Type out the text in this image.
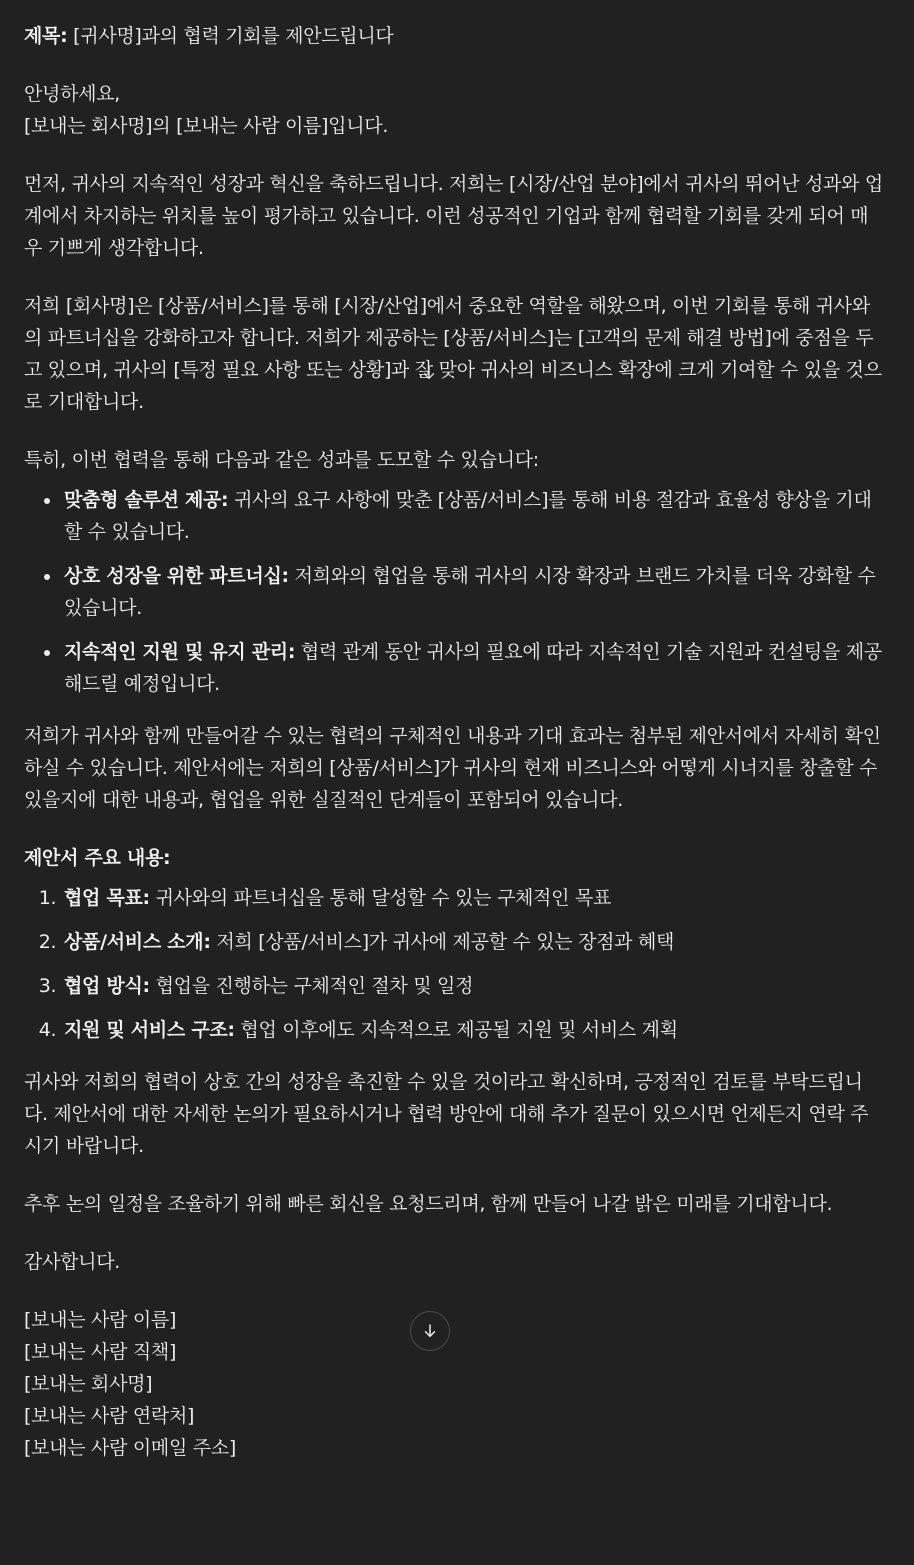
제목: [귀사명]과의 협력 기회를 제안드립니다

안녕하세요,
[보내는 회사명]의 [보내는 사람 이름]입니다.

먼저, 귀사의 지속적인 성장과 혁신을 축하드립니다. 저희는 [시장/산업 분야]에서 귀사의 뛰어난 성과와 업계에서 차지하는 위치를 높이 평가하고 있습니다. 이런 성공적인 기업과 함께 협력할 기회를 갖게 되어 매우 기쁘게 생각합니다.

저희 [회사명]은 [상품/서비스]를 통해 [시장/산업]에서 중요한 역할을 해왔으며, 이번 기회를 통해 귀사와의 파트너십을 강화하고자 합니다. 저희가 제공하는 [상품/서비스]는 [고객의 문제 해결 방법]에 중점을 두고 있으며, 귀사의 [특정 필요 사항 또는 상황]과 잘 맞아 귀사의 비즈니스 확장에 크게 기여할 수 있을 것으로 기대합니다.

특히, 이번 협력을 통해 다음과 같은 성과를 도모할 수 있습니다:

• 맞춤형 솔루션 제공: 귀사의 요구 사항에 맞춘 [상품/서비스]를 통해 비용 절감과 효율성 향상을 기대할 수 있습니다.
• 상호 성장을 위한 파트너십: 저희와의 협업을 통해 귀사의 시장 확장과 브랜드 가치를 더욱 강화할 수 있습니다.
• 지속적인 지원 및 유지 관리: 협력 관계 동안 귀사의 필요에 따라 지속적인 기술 지원과 컨설팅을 제공해드릴 예정입니다.

저희가 귀사와 함께 만들어갈 수 있는 협력의 구체적인 내용과 기대 효과는 첨부된 제안서에서 자세히 확인하실 수 있습니다. 제안서에는 저희의 [상품/서비스]가 귀사의 현재 비즈니스와 어떻게 시너지를 창출할 수 있을지에 대한 내용과, 협업을 위한 실질적인 단계들이 포함되어 있습니다.

제안서 주요 내용:

1. 협업 목표: 귀사와의 파트너십을 통해 달성할 수 있는 구체적인 목표
2. 상품/서비스 소개: 저희 [상품/서비스]가 귀사에 제공할 수 있는 장점과 혜택
3. 협업 방식: 협업을 진행하는 구체적인 절차 및 일정
4. 지원 및 서비스 구조: 협업 이후에도 지속적으로 제공될 지원 및 서비스 계획

귀사와 저희의 협력이 상호 간의 성장을 촉진할 수 있을 것이라고 확신하며, 긍정적인 검토를 부탁드립니다. 제안서에 대한 자세한 논의가 필요하시거나 협력 방안에 대해 추가 질문이 있으시면 언제든지 연락 주시기 바랍니다.

추후 논의 일정을 조율하기 위해 빠른 회신을 요청드리며, 함께 만들어 나갈 밝은 미래를 기대합니다.

감사합니다.

[보내는 사람 이름]

[보내는 사람 직책]

[보내는 회사명]

[보내는 사람 연락처]

[보내는 사람 이메일 주소]
